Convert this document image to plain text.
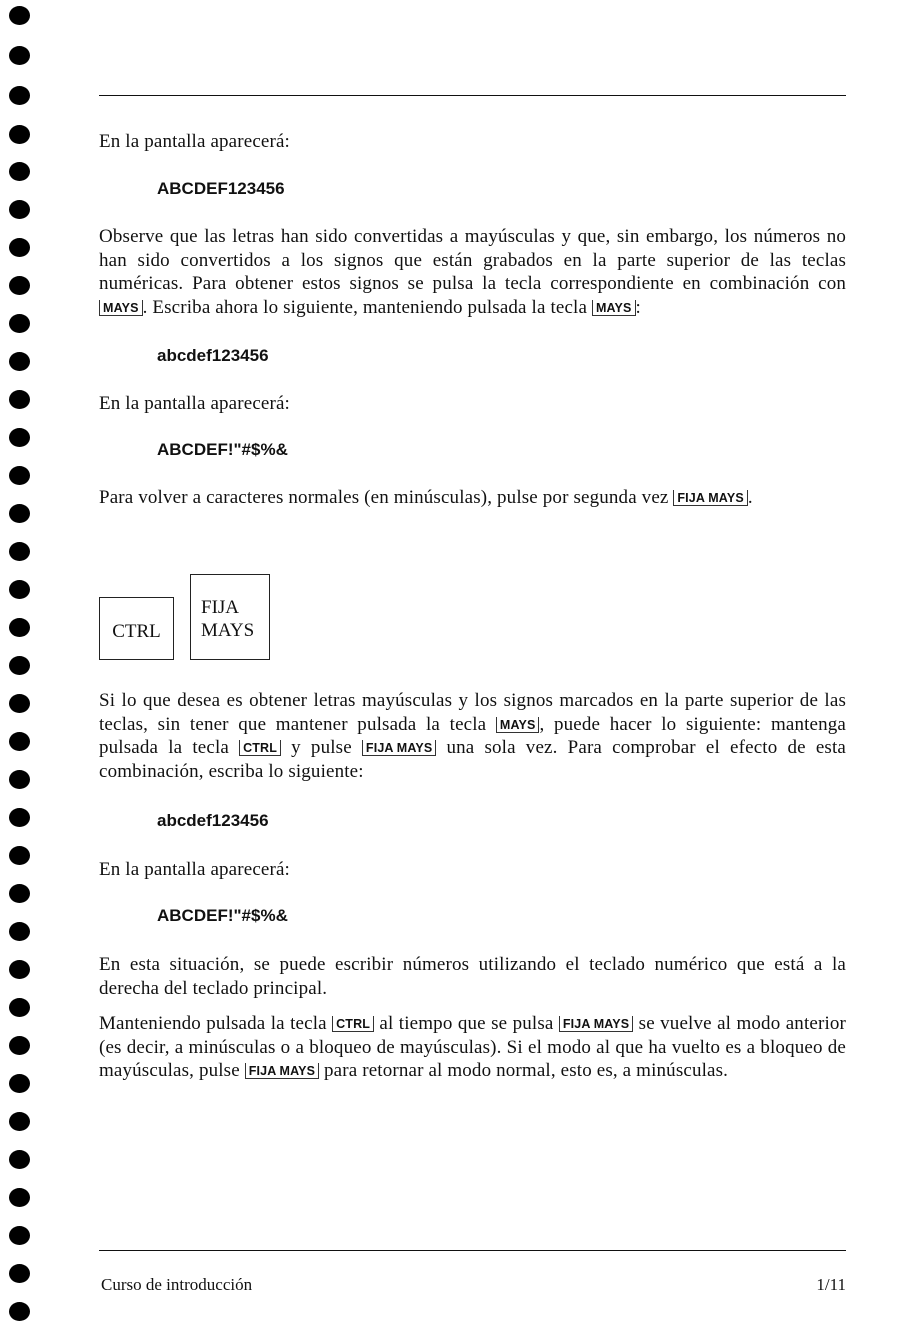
En la pantalla aparecerá:

ABCDEF123456

Observe que las letras han sido convertidas a mayúsculas y que, sin embargo, los números no han sido convertidos a los signos que están grabados en la parte superior de las teclas numéricas. Para obtener estos signos se pulsa la tecla correspondiente en combinación con MAYS . Escriba ahora lo siguiente, manteniendo pulsada la tecla MAYS :

abcdef123456

En la pantalla aparecerá:

ABCDEF!"#$%&

Para volver a caracteres normales (en minúsculas), pulse por segunda vez FIJA MAYS .

CTRL
FIJA
MAYS

Si lo que desea es obtener letras mayúsculas y los signos marcados en la parte superior de las teclas, sin tener que mantener pulsada la tecla MAYS , puede hacer lo siguiente: mantenga pulsada la tecla CTRL y pulse FIJA MAYS una sola vez. Para comprobar el efecto de esta combinación, escriba lo siguiente:

abcdef123456

En la pantalla aparecerá:

ABCDEF!"#$%&

En esta situación, se puede escribir números utilizando el teclado numérico que está a la derecha del teclado principal.

Manteniendo pulsada la tecla CTRL al tiempo que se pulsa FIJA MAYS se vuelve al modo anterior (es decir, a minúsculas o a bloqueo de mayúsculas). Si el modo al que ha vuelto es a bloqueo de mayúsculas, pulse FIJA MAYS para retornar al modo normal, esto es, a minúsculas.

Curso de introducción	1/11
